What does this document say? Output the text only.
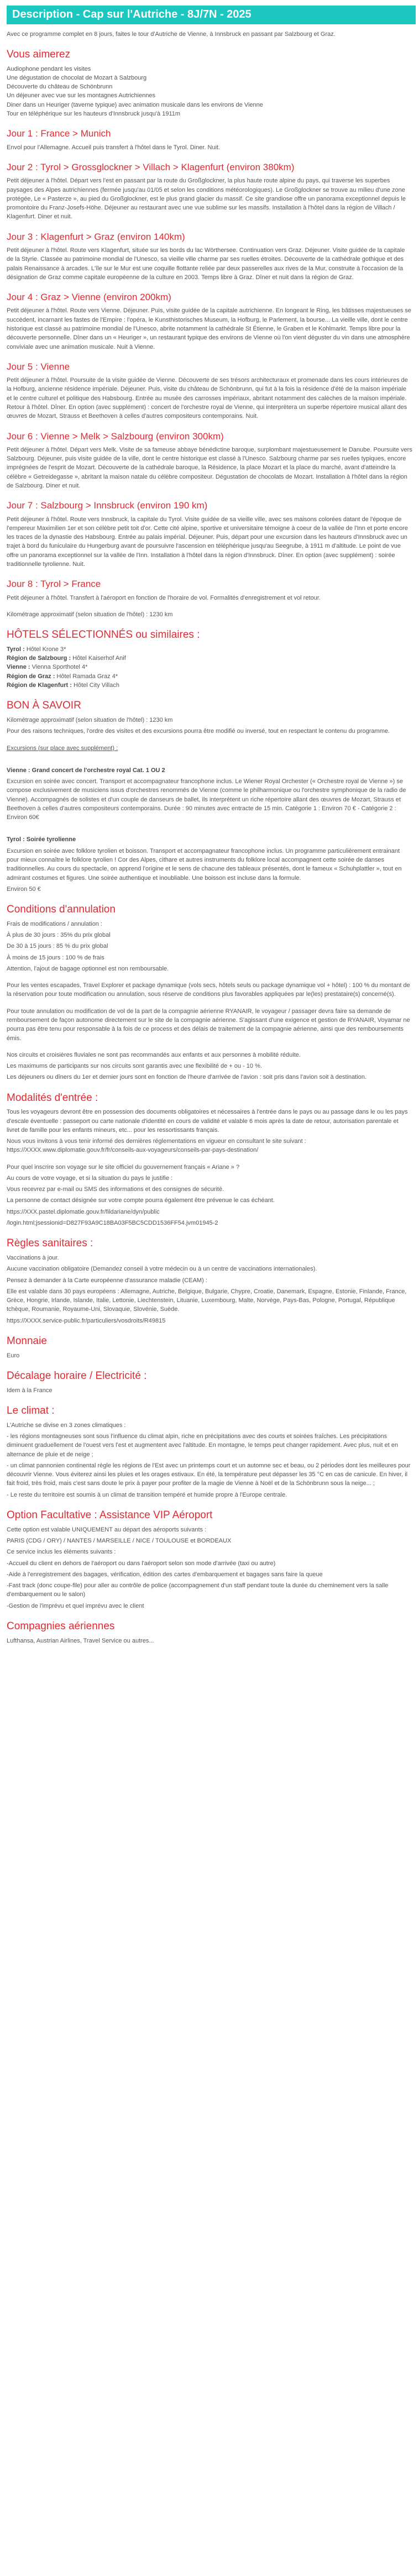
Description - Cap sur l'Autriche - 8J/7N - 2025

Avec ce programme complet en 8 jours, faites le tour d'Autriche de Vienne, à Innsbruck en passant par Salzbourg et Graz.

Vous aimerez
Audiophone pendant les visites
Une dégustation de chocolat de Mozart à Salzbourg
Découverte du château de Schönbrunn
Un déjeuner avec vue sur les montagnes Autrichiennes
Diner dans un Heuriger (taverne typique) avec animation musicale dans les environs de Vienne
Tour en téléphérique sur les hauteurs d'Innsbruck jusqu'à 1911m
Jour 1 : France > Munich

Envol pour l'Allemagne. Accueil puis transfert à l'hôtel dans le Tyrol. Diner. Nuit.

Jour 2 : Tyrol > Grossglockner > Villach > Klagenfurt (environ 380km)

Petit déjeuner à l'hôtel. Départ vers l'est en passant par la route du Großglockner, la plus haute route alpine du pays, qui traverse les superbes paysages des Alpes autrichiennes (fermée jusqu'au 01/05 et selon les conditions météorologiques). Le Großglockner se trouve au milieu d'une zone protégée, Le « Pasterze », au pied du Großglockner, est le plus grand glacier du massif. Ce site grandiose offre un panorama exceptionnel depuis le promontoire du Franz-Josefs-Höhe. Déjeuner au restaurant avec une vue sublime sur les massifs. Installation à l'hôtel dans la région de Villach / Klagenfurt. Diner et nuit.

Jour 3 : Klagenfurt > Graz (environ 140km)

Petit déjeuner à l'hôtel. Route vers Klagenfurt, située sur les bords du lac Wörthersee. Continuation vers Graz. Déjeuner. Visite guidée de la capitale de la Styrie. Classée au patrimoine mondial de l'Unesco, sa vieille ville charme par ses ruelles étroites. Découverte de la cathédrale gothique et des palais Renaissance à arcades. L'île sur le Mur est une coquille flottante reliée par deux passerelles aux rives de la Mur, construite à l'occasion de la désignation de Graz comme capitale européenne de la culture en 2003. Temps libre à Graz. Dîner et nuit dans la région de Graz.

Jour 4 : Graz > Vienne (environ 200km)

Petit déjeuner à l'hôtel. Route vers Vienne. Déjeuner. Puis, visite guidée de la capitale autrichienne. En longeant le Ring, les bâtisses majestueuses se succèdent, incarnant les fastes de l'Empire : l'opéra, le Kunsthistorisches Museum, la Hofburg, le Parlement, la bourse... La vieille ville, dont le centre historique est classé au patrimoine mondial de l'Unesco, abrite notamment la cathédrale St Étienne, le Graben et le Kohlmarkt. Temps libre pour la découverte personnelle. Dîner dans un « Heuriger », un restaurant typique des environs de Vienne où l'on vient déguster du vin dans une atmosphère conviviale avec une animation musicale. Nuit à Vienne.

Jour 5 : Vienne

Petit déjeuner à l'hôtel. Poursuite de la visite guidée de Vienne. Découverte de ses trésors architecturaux et promenade dans les cours intérieures de la Hofburg, ancienne résidence impériale. Déjeuner. Puis, visite du château de Schönbrunn, qui fut à la fois la résidence d'été de la maison impériale et le centre culturel et politique des Habsbourg. Entrée au musée des carrosses impériaux, abritant notamment des calèches de la maison impériale. Retour à l'hôtel. Dîner. En option (avec supplément) : concert de l'orchestre royal de Vienne, qui interprètera un superbe répertoire musical allant des œuvres de Mozart, Strauss et Beethoven à celles d'autres compositeurs contemporains. Nuit.

Jour 6 : Vienne > Melk > Salzbourg (environ 300km)

Petit déjeuner à l'hôtel. Départ vers Melk. Visite de sa fameuse abbaye bénédictine baroque, surplombant majestueusement le Danube. Poursuite vers Salzbourg. Déjeuner, puis visite guidée de la ville, dont le centre historique est classé à l'Unesco. Salzbourg charme par ses ruelles typiques, encore imprégnées de l'esprit de Mozart. Découverte de la cathédrale baroque, la Résidence, la place Mozart et la place du marché, avant d'atteindre la célèbre « Getreidegasse », abritant la maison natale du célèbre compositeur. Dégustation de chocolats de Mozart. Installation à l'hôtel dans la région de Salzbourg. Diner et nuit.

Jour 7 : Salzbourg > Innsbruck (environ 190 km)

Petit déjeuner à l'hôtel. Route vers Innsbruck, la capitale du Tyrol. Visite guidée de sa vieille ville, avec ses maisons colorées datant de l'époque de l'empereur Maximilien 1er et son célèbre petit toit d'or. Cette cité alpine, sportive et universitaire témoigne à coeur de la vallée de l'Inn et porte encore les traces de la dynastie des Habsbourg. Entrée au palais impérial. Déjeuner. Puis, départ pour une excursion dans les hauteurs d'Innsbruck avec un trajet à bord du funiculaire du Hungerburg avant de poursuivre l'ascension en téléphérique jusqu'au Seegrube, à 1911 m d'altitude. Le point de vue offre un panorama exceptionnel sur la vallée de l'Inn. Installation à l'hôtel dans la région d'Innsbruck. Dîner. En option (avec supplément) : soirée traditionnelle tyrolienne. Nuit.

Jour 8 : Tyrol > France

Petit déjeuner à l'hôtel. Transfert à l'aéroport en fonction de l'horaire de vol. Formalités d'enregistrement et vol retour.

Kilométrage approximatif (selon situation de l'hôtel) : 1230 km

HÔTELS SÉLECTIONNÉS ou similaires :
Tyrol : Hôtel Krone 3*
Région de Salzbourg : Hôtel Kaiserhof Anif
Vienne : Vienna Sporthotel 4*
Région de Graz : Hôtel Ramada Graz 4*
Région de Klagenfurt : Hôtel City Villach
BON À SAVOIR

Kilométrage approximatif (selon situation de l'hôtel) : 1230 km

Pour des raisons techniques, l'ordre des visites et des excursions pourra être modifié ou inversé, tout en respectant le contenu du programme.

Excursions (sur place avec supplément) :

Vienne : Grand concert de l'orchestre royal Cat. 1 OU 2

Excursion en soirée avec concert. Transport et accompagnateur francophone inclus. Le Wiener Royal Orchester (« Orchestre royal de Vienne ») se compose exclusivement de musiciens issus d'orchestres renommés de Vienne (comme le philharmonique ou l'orchestre symphonique de la radio de Vienne). Accompagnés de solistes et d'un couple de danseurs de ballet, ils interprètent un riche répertoire allant des œuvres de Mozart, Strauss et Beethoven à celles d'autres compositeurs contemporains. Durée : 90 minutes avec entracte de 15 min. Catégorie 1 : Environ 70 € - Catégorie 2 : Environ 60€

Tyrol : Soirée tyrolienne

Excursion en soirée avec folklore tyrolien et boisson. Transport et accompagnateur francophone inclus. Un programme particulièrement entrainant pour mieux connaître le folklore tyrolien ! Cor des Alpes, cithare et autres instruments du folklore local accompagnent cette soirée de danses traditionnelles. Au cours du spectacle, on apprend l'origine et le sens de chacune des tableaux présentés, dont le fameux « Schuhplattler », tout en admirant costumes et figures. Une soirée authentique et inoubliable. Une boisson est incluse dans la formule.

Environ 50 €

Conditions d'annulation

Frais de modifications / annulation :

À plus de 30 jours : 35% du prix global

De 30 à 15 jours : 85 % du prix global

À moins de 15 jours : 100 % de frais

Attention, l'ajout de bagage optionnel est non remboursable.

Pour les ventes escapades, Travel Explorer et package dynamique (vols secs, hôtels seuls ou package dynamique vol + hôtel) : 100 % du montant de la réservation pour toute modification ou annulation, sous réserve de conditions plus favorables appliquées par le(les) prestataire(s) concerné(s).

Pour toute annulation ou modification de vol de la part de la compagnie aérienne RYANAIR, le voyageur / passager devra faire sa demande de remboursement de façon autonome directement sur le site de la compagnie aérienne. S'agissant d'une exigence et gestion de RYANAIR, Voyamar ne pourra pas être tenu pour responsable à la fois de ce process et des délais de traitement de la compagnie aérienne, ainsi que des remboursements émis.

Nos circuits et croisières fluviales ne sont pas recommandés aux enfants et aux personnes à mobilité réduite.

Les maximums de participants sur nos circuits sont garantis avec une flexibilité de + ou - 10 %.

Les déjeuners ou dîners du 1er et dernier jours sont en fonction de l'heure d'arrivée de l'avion : soit pris dans l'avion soit à destination.

Modalités d'entrée :

Tous les voyageurs devront être en possession des documents obligatoires et nécessaires à l'entrée dans le pays ou au passage dans le ou les pays d'escale éventuelle : passeport ou carte nationale d'identité en cours de validité et valable 6 mois après la date de retour, autorisation parentale et livret de famille pour les enfants mineurs, etc... pour les ressortissants français.

Nous vous invitons à vous tenir informé des dernières réglementations en vigueur en consultant le site suivant : https://XXXX.www.diplomatie.gouv.fr/fr/conseils-aux-voyageurs/conseils-par-pays-destination/

Pour quel inscrire son voyage sur le site officiel du gouvernement français « Ariane » ?

Au cours de votre voyage, et si la situation du pays le justifie :

Vous recevrez par e-mail ou SMS des informations et des consignes de sécurité.

La personne de contact désignée sur votre compte pourra également être prévenue le cas échéant.

https://XXX.pastel.diplomatie.gouv.fr/fildariane/dyn/public

/login.html;jsessionid=D827F93A9C18BA03F5BC5CDD1536FF54.jvm01945-2

Règles sanitaires :

Vaccinations à jour.

Aucune vaccination obligatoire (Demandez conseil à votre médecin ou à un centre de vaccinations internationales).

Pensez à demander à la Carte européenne d'assurance maladie (CEAM) :

Elle est valable dans 30 pays européens : Allemagne, Autriche, Belgique, Bulgarie, Chypre, Croatie, Danemark, Espagne, Estonie, Finlande, France, Grèce, Hongrie, Irlande, Islande, Italie, Lettonie, Liechtenstein, Lituanie, Luxembourg, Malte, Norvège, Pays-Bas, Pologne, Portugal, République tchèque, Roumanie, Royaume-Uni, Slovaquie, Slovénie, Suède.

https://XXXX.service-public.fr/particuliers/vosdroits/R49815

Monnaie

Euro

Décalage horaire / Electricité :

Idem à la France

Le climat :

L'Autriche se divise en 3 zones climatiques :

- les régions montagneuses sont sous l'influence du climat alpin, riche en précipitations avec des courts et soirées fraîches. Les précipitations diminuent graduellement de l'ouest vers l'est et augmentent avec l'altitude. En montagne, le temps peut changer rapidement. Avec plus, nuit et en alternance de pluie et de neige ;

- un climat pannonien continental règle les régions de l'Est avec un printemps court et un automne sec et beau, ou 2 périodes dont les meilleures pour découvrir Vienne. Vous éviterez ainsi les pluies et les orages estivaux. En été, la température peut dépasser les 35 °C en cas de canicule. En hiver, il fait froid, très froid, mais c'est sans doute le prix à payer pour profiter de la magie de Vienne à Noël et de la Schönbrunn sous la neige... ;

- Le reste du territoire est soumis à un climat de transition tempéré et humide propre à l'Europe centrale.

Option Facultative : Assistance VIP Aéroport

Cette option est valable UNIQUEMENT au départ des aéroports suivants :

PARIS (CDG / ORY) / NANTES / MARSEILLE / NICE / TOULOUSE et BORDEAUX

Ce service inclus les éléments suivants :

-Accueil du client en dehors de l'aéroport ou dans l'aéroport selon son mode d'arrivée (taxi ou autre)

-Aide à l'enregistrement des bagages, vérification, édition des cartes d'embarquement et bagages sans faire la queue

-Fast track (donc coupe-file) pour aller au contrôle de police (accompagnement d'un staff pendant toute la durée du cheminement vers la salle d'embarquement ou le salon)

-Gestion de l'imprévu et quel imprévu avec le client

Compagnies aériennes

Lufthansa, Austrian Airlines, Travel Service ou autres...
